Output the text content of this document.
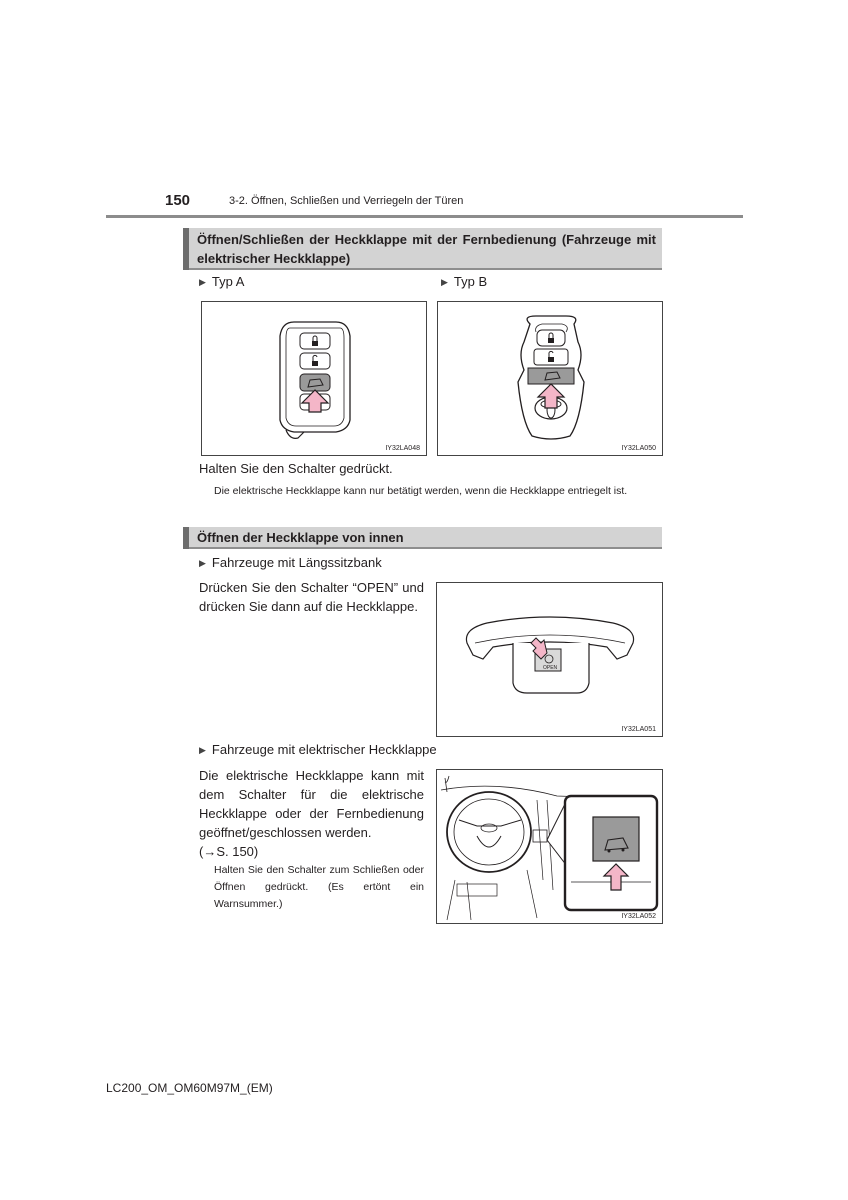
150	3-2. Öffnen, Schließen und Verriegeln der Türen
Öffnen/Schließen der Heckklappe mit der Fernbedienung (Fahrzeuge mit elektrischer Heckklappe)
▶ Typ A	▶ Typ B
IY32LA048	IY32LA050
Halten Sie den Schalter gedrückt.
Die elektrische Heckklappe kann nur betätigt werden, wenn die Heckklappe entriegelt ist.
Öffnen der Heckklappe von innen
▶ Fahrzeuge mit Längssitzbank
Drücken Sie den Schalter “OPEN” und drücken Sie dann auf die Heckklappe.
OPEN
IY32LA051
▶ Fahrzeuge mit elektrischer Heckklappe
Die elektrische Heckklappe kann mit dem Schalter für die elektrische Heckklappe oder der Fernbedienung geöffnet/geschlossen werden.
(→S. 150)
Halten Sie den Schalter zum Schließen oder Öffnen gedrückt. (Es ertönt ein Warnsummer.)
IY32LA052
LC200_OM_OM60M97M_(EM)
